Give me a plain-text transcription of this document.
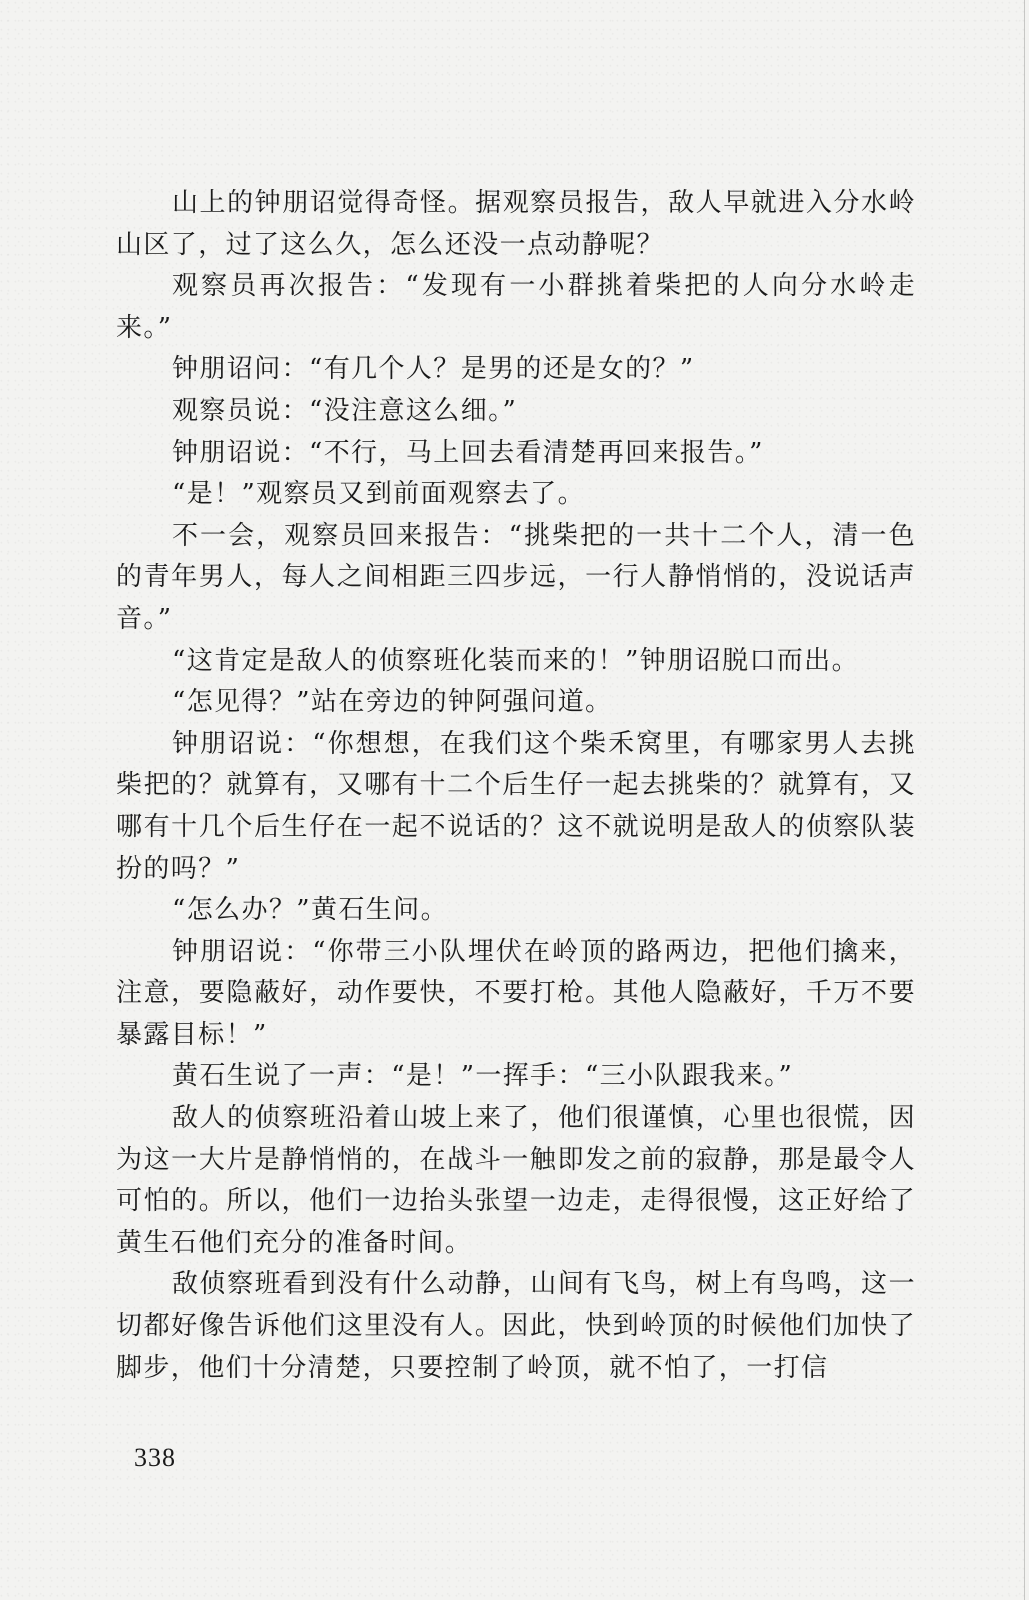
山上的钟朋诏觉得奇怪。据观察员报告，敌人早就进入分水岭山区了，过了这么久，怎么还没一点动静呢？

观察员再次报告：“发现有一小群挑着柴把的人向分水岭走来。”

钟朋诏问：“有几个人？是男的还是女的？”

观察员说：“没注意这么细。”

钟朋诏说：“不行，马上回去看清楚再回来报告。”

“是！”观察员又到前面观察去了。

不一会，观察员回来报告：“挑柴把的一共十二个人，清一色的青年男人，每人之间相距三四步远，一行人静悄悄的，没说话声音。”

“这肯定是敌人的侦察班化装而来的！”钟朋诏脱口而出。

“怎见得？”站在旁边的钟阿强问道。

钟朋诏说：“你想想，在我们这个柴禾窝里，有哪家男人去挑柴把的？就算有，又哪有十二个后生仔一起去挑柴的？就算有，又哪有十几个后生仔在一起不说话的？这不就说明是敌人的侦察队装扮的吗？”

“怎么办？”黄石生问。

钟朋诏说：“你带三小队埋伏在岭顶的路两边，把他们擒来，注意，要隐蔽好，动作要快，不要打枪。其他人隐蔽好，千万不要暴露目标！”

黄石生说了一声：“是！”一挥手：“三小队跟我来。”

敌人的侦察班沿着山坡上来了，他们很谨慎，心里也很慌，因为这一大片是静悄悄的，在战斗一触即发之前的寂静，那是最令人可怕的。所以，他们一边抬头张望一边走，走得很慢，这正好给了黄生石他们充分的准备时间。

敌侦察班看到没有什么动静，山间有飞鸟，树上有鸟鸣，这一切都好像告诉他们这里没有人。因此，快到岭顶的时候他们加快了脚步，他们十分清楚，只要控制了岭顶，就不怕了，一打信

338
